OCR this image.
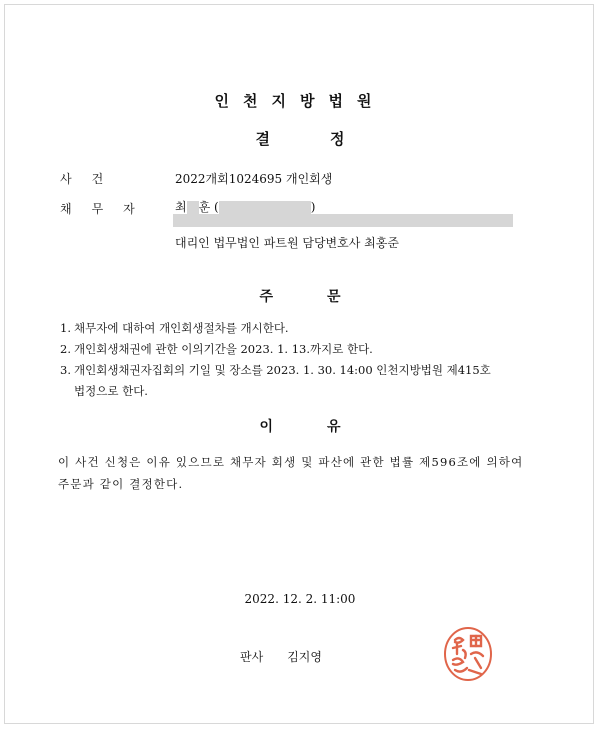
인천지방법원
결정
사건	2022개회1024695 개인회생
채무자 최 훈 (	)
대리인 법무법인 파트원 담당변호사 최홍준
주문
1. 채무자에 대하여 개인회생절차를 개시한다.
2. 개인회생채권에 관한 이의기간을 2023. 1. 13.까지로 한다.
3. 개인회생채권자집회의 기일 및 장소를 2023. 1. 30. 14:00 인천지방법원 제415호
법정으로 한다.
이유
이 사건 신청은 이유 있으므로 채무자 회생 및 파산에 관한 법률 제596조에 의하여
주문과 같이 결정한다.
2022. 12. 2. 11:00
판사 김지영
